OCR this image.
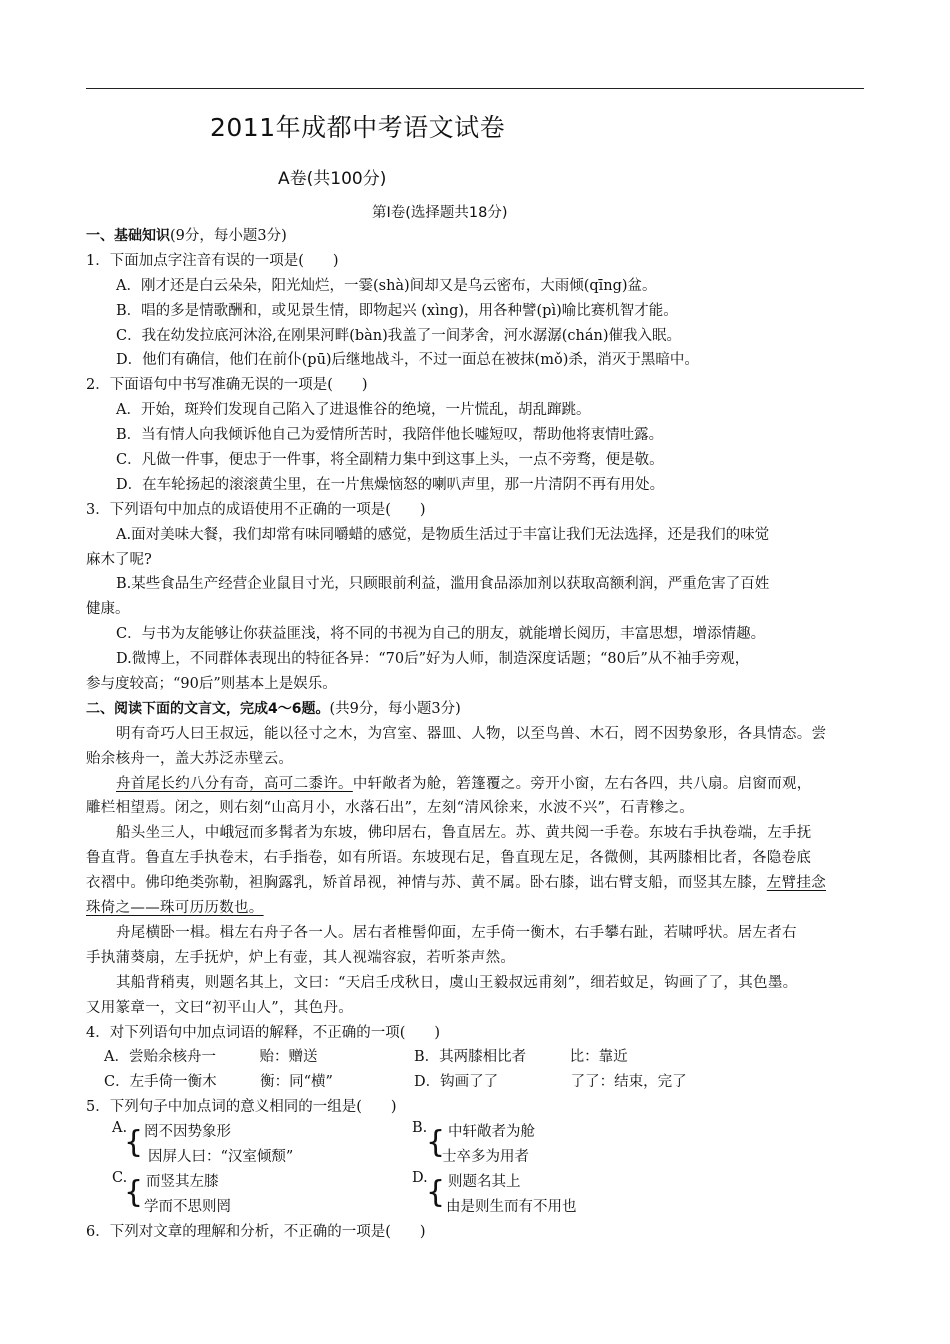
2011年成都中考语文试卷
A卷(共100分)
第Ⅰ卷(选择题共18分)
一、基础知识(9分，每小题3分)
1．下面加点字注音有误的一项是(　　)
A．刚才还是白云朵朵，阳光灿烂，一霎(shà)间却又是乌云密布，大雨倾(qīng)盆。
B．唱的多是情歌酬和，或见景生情，即物起兴 (xìng)，用各种譬(pì)喻比赛机智才能。
C．我在幼发拉底河沐浴,在刚果河畔(bàn)我盖了一间茅舍，河水潺潺(chán)催我入眠。
D．他们有确信，他们在前仆(pū)后继地战斗，不过一面总在被抹(mǒ)杀，消灭于黑暗中。
2．下面语句中书写准确无误的一项是(　　)
A．开始，斑羚们发现自己陷入了进退惟谷的绝境，一片慌乱，胡乱蹿跳。
B．当有情人向我倾诉他自己为爱情所苦时，我陪伴他长嘘短叹，帮助他将衷情吐露。
C．凡做一件事，便忠于一件事，将全副精力集中到这事上头，一点不旁骛，便是敬。
D．在车轮扬起的滚滚黄尘里，在一片焦燥恼怒的喇叭声里，那一片清阴不再有用处。
3．下列语句中加点的成语使用不正确的一项是(　　)
A.面对美味大餐，我们却常有味同嚼蜡的感觉，是物质生活过于丰富让我们无法选择，还是我们的味觉
麻木了呢?
B.某些食品生产经营企业鼠目寸光，只顾眼前利益，滥用食品添加剂以获取高额利润，严重危害了百姓
健康。
C．与书为友能够让你获益匪浅，将不同的书视为自己的朋友，就能增长阅历，丰富思想，增添情趣。
D.微博上，不同群体表现出的特征各异：“70后”好为人师，制造深度话题；“80后”从不袖手旁观，
参与度较高；“90后”则基本上是娱乐。
二、阅读下面的文言文，完成4～6题。(共9分，每小题3分)
明有奇巧人曰王叔远，能以径寸之木，为宫室、器皿、人物，以至鸟兽、木石，罔不因势象形，各具情态。尝
贻余核舟一，盖大苏泛赤壁云。
舟首尾长约八分有奇，高可二黍许。中轩敞者为舱，箬篷覆之。旁开小窗，左右各四，共八扇。启窗而观，
雕栏相望焉。闭之，则右刻“山高月小，水落石出”，左刻“清风徐来，水波不兴”，石青糁之。
船头坐三人，中峨冠而多髯者为东坡，佛印居右，鲁直居左。苏、黄共阅一手卷。东坡右手执卷端，左手抚
鲁直背。鲁直左手执卷末，右手指卷，如有所语。东坡现右足，鲁直现左足，各微侧，其两膝相比者，各隐卷底
衣褶中。佛印绝类弥勒，袒胸露乳，矫首昂视，神情与苏、黄不属。卧右膝，诎右臂支船，而竖其左膝，左臂挂念
珠倚之——珠可历历数也。
舟尾横卧一楫。楫左右舟子各一人。居右者椎髻仰面，左手倚一衡木，右手攀右趾，若啸呼状。居左者右
手执蒲葵扇，左手抚炉，炉上有壶，其人视端容寂，若听茶声然。
其船背稍夷，则题名其上，文曰：“天启壬戌秋日，虞山王毅叔远甫刻”，细若蚊足，钩画了了，其色墨。
又用篆章一，文曰“初平山人”，其色丹。
4．对下列语句中加点词语的解释，不正确的一项(　　)
A．尝贻余核舟一　　　贻：赠送	B．其两膝相比者　　　比：靠近
C．左手倚一衡木　　　衡：同“横”	D．钩画了了　　　　　了了：结束，完了
5．下列句子中加点词的意义相同的一组是(　　)
A.
{ 罔不因势象形
因屏人曰：“汉室倾颓”
B.
{ 中轩敞者为舱
士卒多为用者
C.
{ 而竖其左膝
学而不思则罔
D.
{ 则题名其上
由是则生而有不用也
6．下列对文章的理解和分析，不正确的一项是(　　)
